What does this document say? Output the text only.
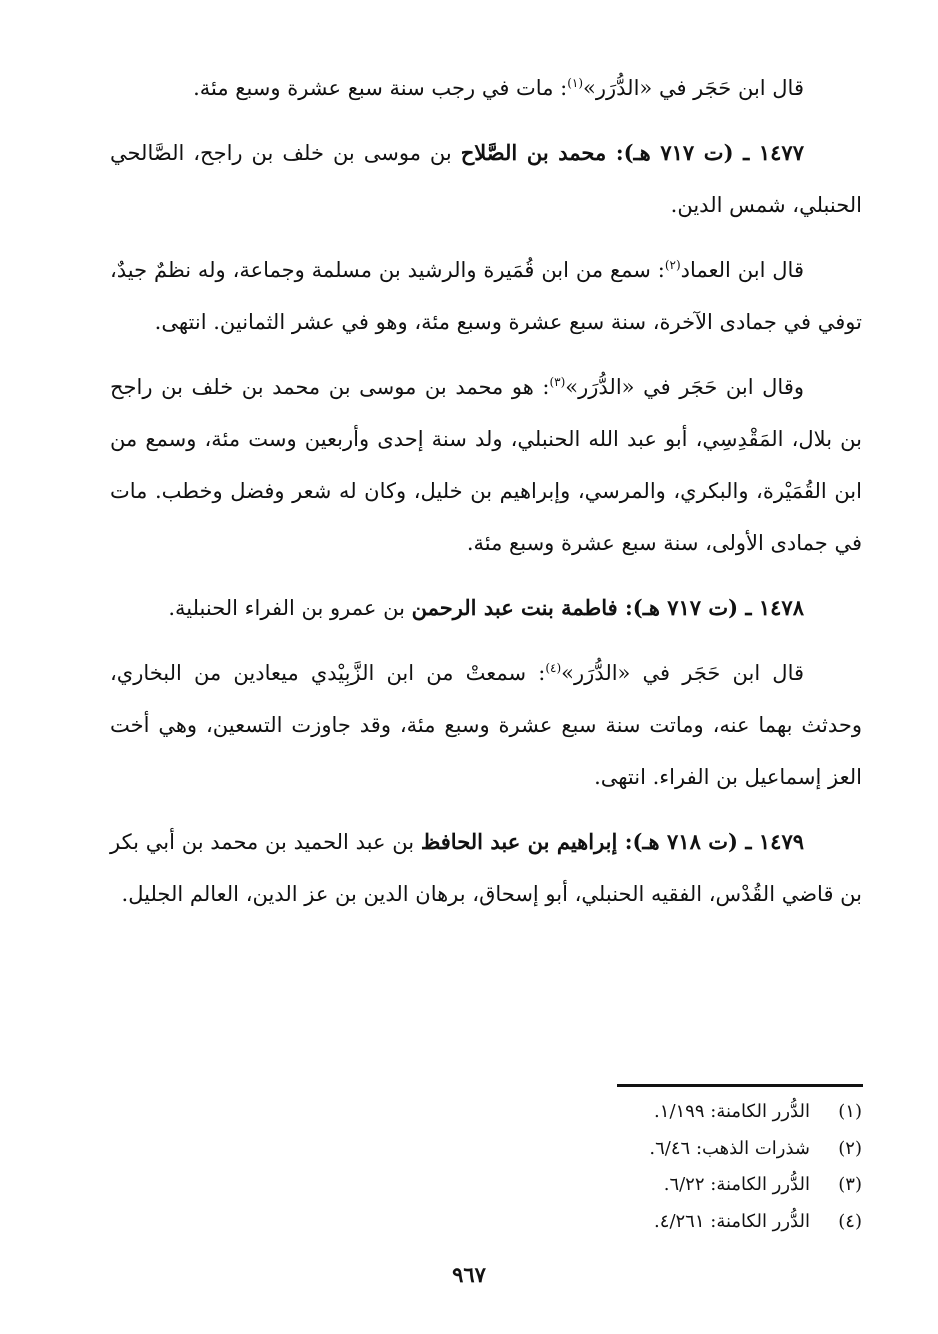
قال ابن حَجَر في «الدُّرَر»$^{(١)}$: مات في رجب سنة سبع عشرة وسبع مئة.

١٤٧٧ ـ (ت ٧١٧ هـ): محمد بن الصَّلاح بن موسى بن خلف بن راجح، الصَّالحي الحنبلي، شمس الدين.

قال ابن العماد$^{(٢)}$: سمع من ابن قُمَيرة والرشيد بن مسلمة وجماعة، وله نظمٌ جيدٌ، توفي في جمادى الآخرة، سنة سبع عشرة وسبع مئة، وهو في عشر الثمانين. انتهى.

وقال ابن حَجَر في «الدُّرَر»$^{(٣)}$: هو محمد بن موسى بن محمد بن خلف بن راجح بن بلال، المَقْدِسِي، أبو عبد الله الحنبلي، ولد سنة إحدى وأربعين وست مئة، وسمع من ابن القُمَيْرة، والبكري، والمرسي، وإبراهيم بن خليل، وكان له شعر وفضل وخطب. مات في جمادى الأولى، سنة سبع عشرة وسبع مئة.

١٤٧٨ ـ (ت ٧١٧ هـ): فاطمة بنت عبد الرحمن بن عمرو بن الفراء الحنبلية.

قال ابن حَجَر في «الدُّرَر»$^{(٤)}$: سمعتْ من ابن الزَّبِيْدي ميعادين من البخاري، وحدثث بهما عنه، وماتت سنة سبع عشرة وسبع مئة، وقد جاوزت التسعين، وهي أخت العز إسماعيل بن الفراء. انتهى.

١٤٧٩ ـ (ت ٧١٨ هـ): إبراهيم بن عبد الحافظ بن عبد الحميد بن محمد بن أبي بكر بن قاضي القُدْس، الفقيه الحنبلي، أبو إسحاق، برهان الدين بن عز الدين، العالم الجليل.

(١)
الدُّرر الكامنة: ١/١٩٩.
(٢)
شذرات الذهب: ٦/٤٦.
(٣)
الدُّرر الكامنة: ٦/٢٢.
(٤)
الدُّرر الكامنة: ٤/٢٦١.
٩٦٧
